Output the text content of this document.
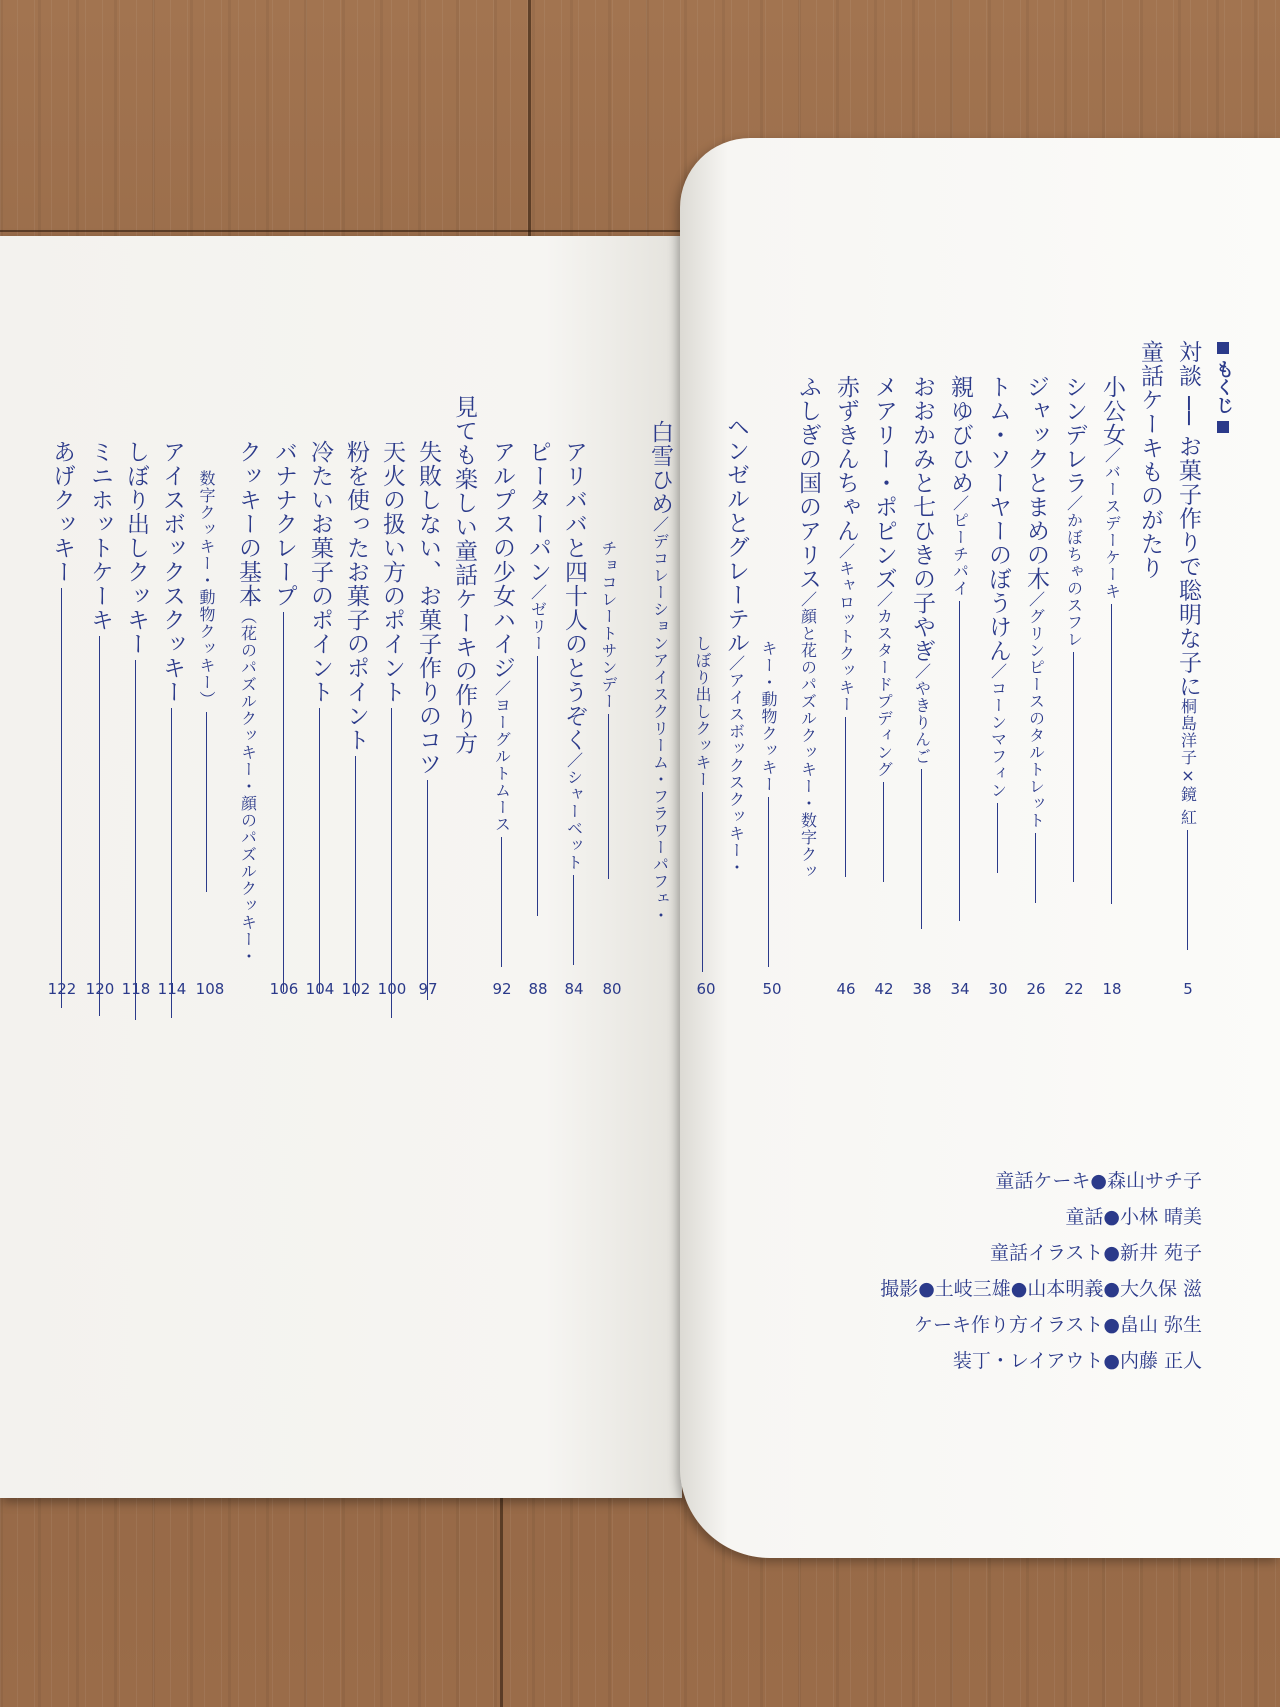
もくじ
対談 ── お菓子作りで聡明な子に
桐島洋子×鏡 紅
5
童話ケーキものがたり
小公女
／バースデーケーキ
18
シンデレラ
／かぼちゃのスフレ
22
ジャックとまめの木
／グリンピースのタルトレット
26
トム・ソーヤーのぼうけん
／コーンマフィン
30
親ゆびひめ
／ピーチパイ
34
おおかみと七ひきの子やぎ
／やきりんご
38
メアリー・ポピンズ
／カスタードプディング
42
赤ずきんちゃん
／キャロットクッキー
46
ふしぎの国のアリス
／顔と花のパズルクッキー・数字クッ
キー・動物クッキー
50
ヘンゼルとグレーテル
／アイスボックスクッキー・
しぼり出しクッキー
60
白雪ひめ
／デコレーションアイスクリーム・フラワーパフェ・
チョコレートサンデー
80
アリババと四十人のとうぞく
／シャーベット
84
ピーターパン
／ゼリー
88
アルプスの少女ハイジ
／ヨーグルトムース
92
見ても楽しい童話ケーキの作り方
失敗しない、お菓子作りのコツ
97
天火の扱い方のポイント
100
粉を使ったお菓子のポイント
102
冷たいお菓子のポイント
104
バナナクレープ
106
クッキーの基本
（花のパズルクッキー・顔のパズルクッキー・
数字クッキー・動物クッキー）
108
アイスボックスクッキー
114
しぼり出しクッキー
118
ミニホットケーキ
120
あげクッキー
122
童話ケーキ●森山サチ子
童話●小林 晴美
童話イラスト●新井 苑子
撮影●土岐三雄●山本明義●大久保 滋
ケーキ作り方イラスト●畠山 弥生
装丁・レイアウト●内藤 正人
